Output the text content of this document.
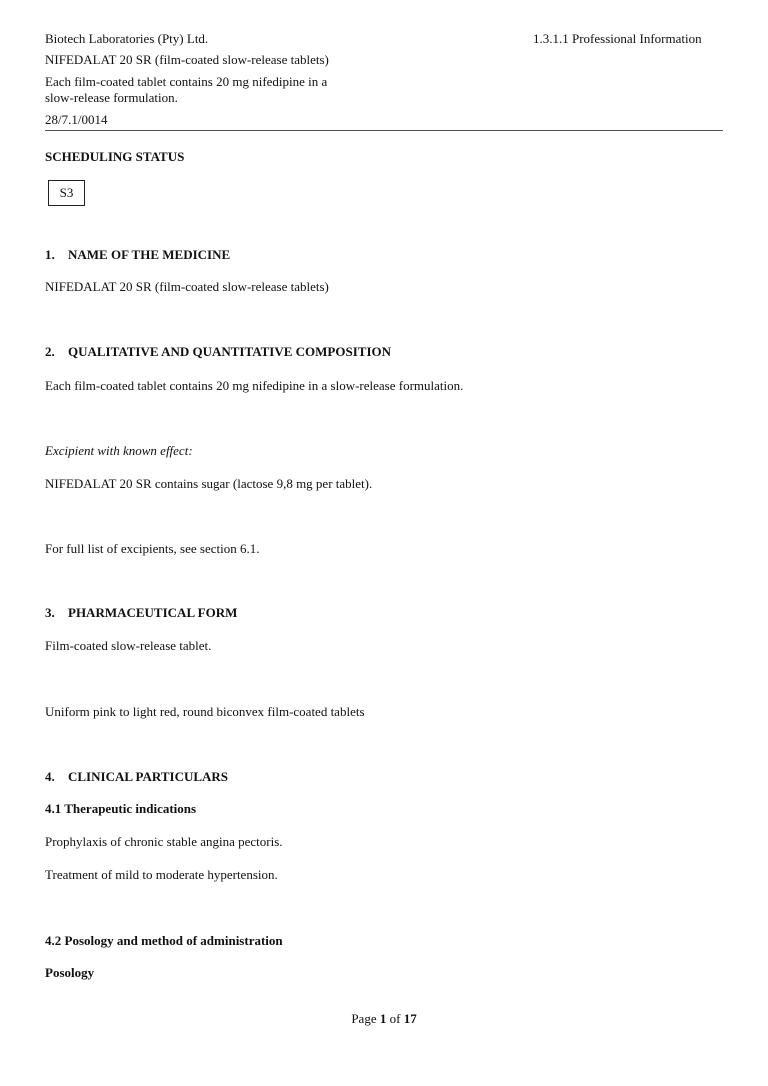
Biotech Laboratories (Pty) Ltd.	1.3.1.1 Professional Information
NIFEDALAT 20 SR (film-coated slow-release tablets)
Each film-coated tablet contains 20 mg nifedipine in a
slow-release formulation.
28/7.1/0014
SCHEDULING STATUS
S3
1. NAME OF THE MEDICINE
NIFEDALAT 20 SR (film-coated slow-release tablets)
2. QUALITATIVE AND QUANTITATIVE COMPOSITION
Each film-coated tablet contains 20 mg nifedipine in a slow-release formulation.
Excipient with known effect:
NIFEDALAT 20 SR contains sugar (lactose 9,8 mg per tablet).
For full list of excipients, see section 6.1.
3. PHARMACEUTICAL FORM
Film-coated slow-release tablet.
Uniform pink to light red, round biconvex film-coated tablets
4. CLINICAL PARTICULARS
4.1 Therapeutic indications
Prophylaxis of chronic stable angina pectoris.
Treatment of mild to moderate hypertension.
4.2 Posology and method of administration
Posology
Page 1 of 17
